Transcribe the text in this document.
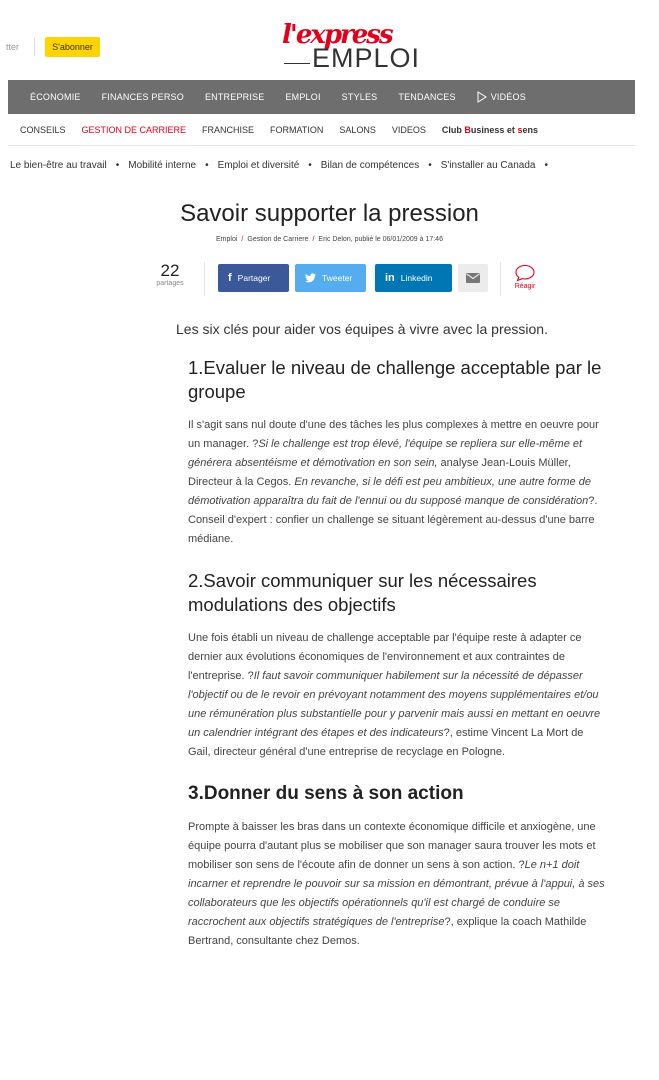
tter	S'abonner	l'express
EMPLOI
ÉCONOMIE FINANCES PERSO ENTREPRISE EMPLOI STYLES TENDANCES	VIDÉOS
CONSEILS GESTION DE CARRIERE FRANCHISE FORMATION SALONS VIDEOS Club Business et sens
Le bien-être au travail • Mobilité interne • Emploi et diversité • Bilan de compétences • S'installer au Canada •
Savoir supporter la pression
Emploi / Gestion de Carriere / Eric Delon, publié le 06/01/2009 à 17:46
22
partages	f Partager	Tweeter	in Linkedin
Réagir

Les six clés pour aider vos équipes à vivre avec la pression.

1.Evaluer le niveau de challenge acceptable par le groupe

Il s'agit sans nul doute d'une des tâches les plus complexes à mettre en oeuvre pour un manager. ?Si le challenge est trop élevé, l'équipe se repliera sur elle-même et générera absentéisme et démotivation en son sein, analyse Jean-Louis Müller, Directeur à la Cegos. En revanche, si le défi est peu ambitieux, une autre forme de démotivation apparaîtra du fait de l'ennui ou du supposé manque de considération?. Conseil d'expert : confier un challenge se situant légèrement au-dessus d'une barre médiane.

2.Savoir communiquer sur les nécessaires modulations des objectifs

Une fois établi un niveau de challenge acceptable par l'équipe reste à adapter ce dernier aux évolutions économiques de l'environnement et aux contraintes de l'entreprise. ?Il faut savoir communiquer habilement sur la nécessité de dépasser l'objectif ou de le revoir en prévoyant notamment des moyens supplémentaires et/ou une rémunération plus substantielle pour y parvenir mais aussi en mettant en oeuvre un calendrier intégrant des étapes et des indicateurs?, estime Vincent La Mort de Gail, directeur général d'une entreprise de recyclage en Pologne.

3.Donner du sens à son action

Prompte à baisser les bras dans un contexte économique difficile et anxiogène, une équipe pourra d'autant plus se mobiliser que son manager saura trouver les mots et mobiliser son sens de l'écoute afin de donner un sens à son action. ?Le n+1 doit incarner et reprendre le pouvoir sur sa mission en démontrant, prévue à l'appui, à ses collaborateurs que les objectifs opérationnels qu'il est chargé de conduire se raccrochent aux objectifs stratégiques de l'entreprise?, explique la coach Mathilde Bertrand, consultante chez Demos.
